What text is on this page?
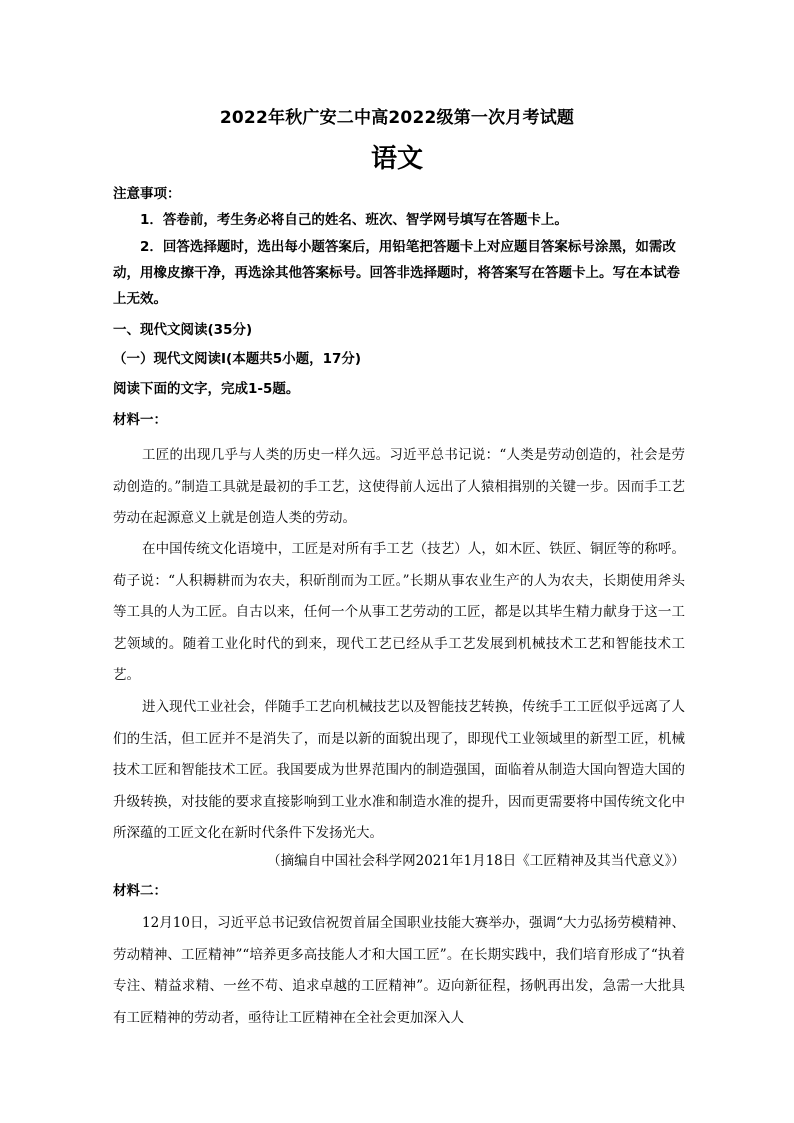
2022年秋广安二中高2022级第一次月考试题
语文
注意事项：
1．答卷前，考生务必将自己的姓名、班次、智学网号填写在答题卡上。
2．回答选择题时，选出每小题答案后，用铅笔把答题卡上对应题目答案标号涂黑，如需改动，用橡皮擦干净，再选涂其他答案标号。回答非选择题时，将答案写在答题卡上。写在本试卷上无效。
一、现代文阅读(35分)
（一）现代文阅读Ⅰ(本题共5小题，17分)
阅读下面的文字，完成1-5题。
材料一：
工匠的出现几乎与人类的历史一样久远。习近平总书记说：“人类是劳动创造的，社会是劳动创造的。”制造工具就是最初的手工艺，这使得前人远出了人猿相揖别的关键一步。因而手工艺劳动在起源意义上就是创造人类的劳动。
在中国传统文化语境中，工匠是对所有手工艺（技艺）人，如木匠、铁匠、铜匠等的称呼。荀子说：“人积耨耕而为农夫，积斫削而为工匠。”长期从事农业生产的人为农夫，长期使用斧头等工具的人为工匠。自古以来，任何一个从事工艺劳动的工匠，都是以其毕生精力献身于这一工艺领域的。随着工业化时代的到来，现代工艺已经从手工艺发展到机械技术工艺和智能技术工艺。
进入现代工业社会，伴随手工艺向机械技艺以及智能技艺转换，传统手工工匠似乎远离了人们的生活，但工匠并不是消失了，而是以新的面貌出现了，即现代工业领域里的新型工匠，机械技术工匠和智能技术工匠。我国要成为世界范围内的制造强国，面临着从制造大国向智造大国的升级转换，对技能的要求直接影响到工业水准和制造水准的提升，因而更需要将中国传统文化中所深蕴的工匠文化在新时代条件下发扬光大。
（摘编自中国社会科学网2021年1月18日《工匠精神及其当代意义》）
材料二：
12月10日，习近平总书记致信祝贺首届全国职业技能大赛举办，强调“大力弘扬劳模精神、劳动精神、工匠精神”“培养更多高技能人才和大国工匠”。在长期实践中，我们培育形成了“执着专注、精益求精、一丝不苟、追求卓越的工匠精神”。迈向新征程，扬帆再出发，急需一大批具有工匠精神的劳动者，亟待让工匠精神在全社会更加深入人
